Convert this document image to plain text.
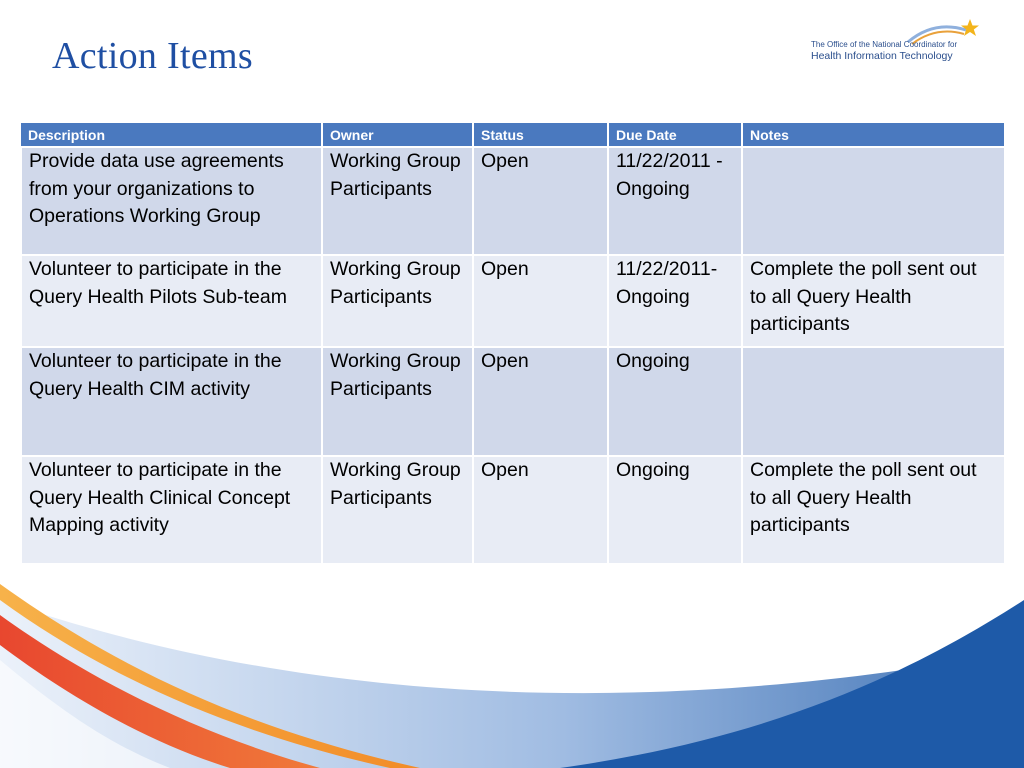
Action Items	The Office of the National Coordinator for
Health Information Technology
Description	Owner	Status	Due Date	Notes
Provide data use agreements from your organizations to Operations Working Group	Working Group Participants	Open	11/22/2011 - Ongoing	
Volunteer to participate in the Query Health Pilots Sub-team	Working Group Participants	Open	11/22/2011- Ongoing	Complete the poll sent out to all Query Health participants
Volunteer to participate in the Query Health CIM activity	Working Group Participants	Open	Ongoing	
Volunteer to participate in the Query Health Clinical Concept Mapping activity	Working Group Participants	Open	Ongoing	Complete the poll sent out to all Query Health participants
